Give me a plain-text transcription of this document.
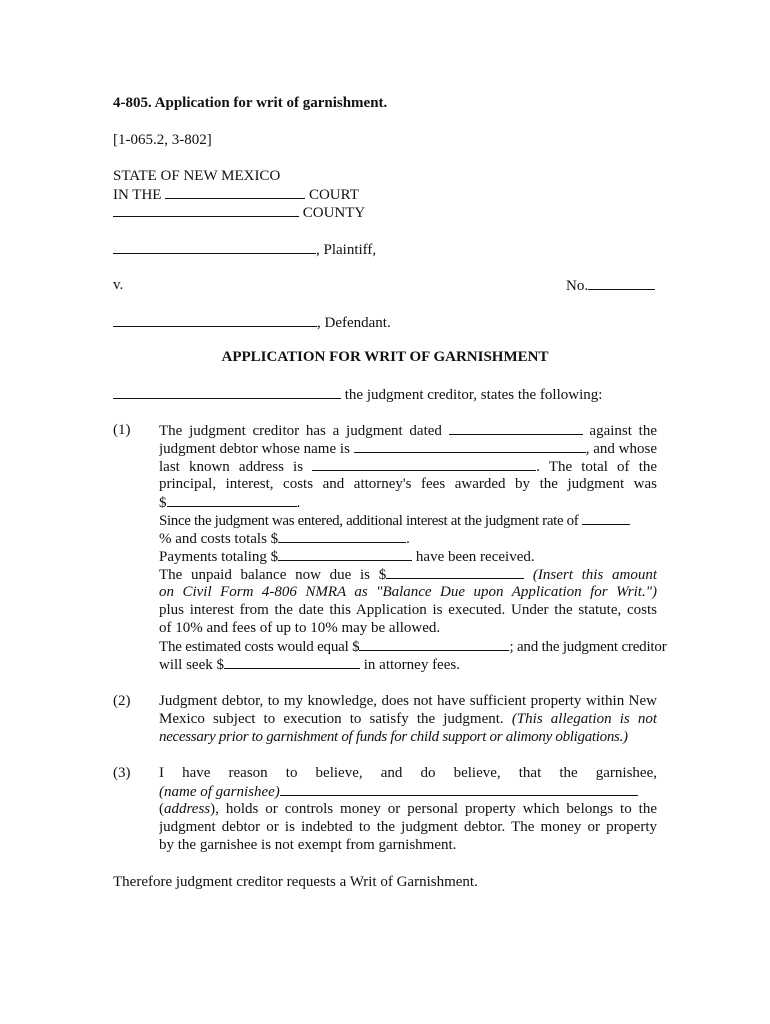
4-805. Application for writ of garnishment.
[1-065.2, 3-802]
STATE OF NEW MEXICO
IN THE	COURT
COUNTY
, Plaintiff,
v.	No.
, Defendant.
APPLICATION FOR WRIT OF GARNISHMENT
the judgment creditor, states the following:
(1) The judgment creditor has a judgment dated	against the
judgment debtor whose name is	, and whose
last known address is	. The total of the
principal, interest, costs and attorney's fees awarded by the judgment was
$	.
Since the judgment was entered, additional interest at the judgment rate of
% and costs totals $	.
Payments totaling $	have been received.
The unpaid balance now due is $	(Insert this amount
on Civil Form 4-806 NMRA as "Balance Due upon Application for Writ.")
plus interest from the date this Application is executed. Under the statute, costs
of 10% and fees of up to 10% may be allowed.
The estimated costs would equal $	; and the judgment creditor
will seek $	in attorney fees.
(2) Judgment debtor, to my knowledge, does not have sufficient property within New
Mexico subject to execution to satisfy the judgment. (This allegation is not
necessary prior to garnishment of funds for child support or alimony obligations.)
(3) I have reason to believe, and do believe, that the garnishee,
(name of garnishee)
(address), holds or controls money or personal property which belongs to the
judgment debtor or is indebted to the judgment debtor. The money or property
by the garnishee is not exempt from garnishment.
Therefore judgment creditor requests a Writ of Garnishment.
